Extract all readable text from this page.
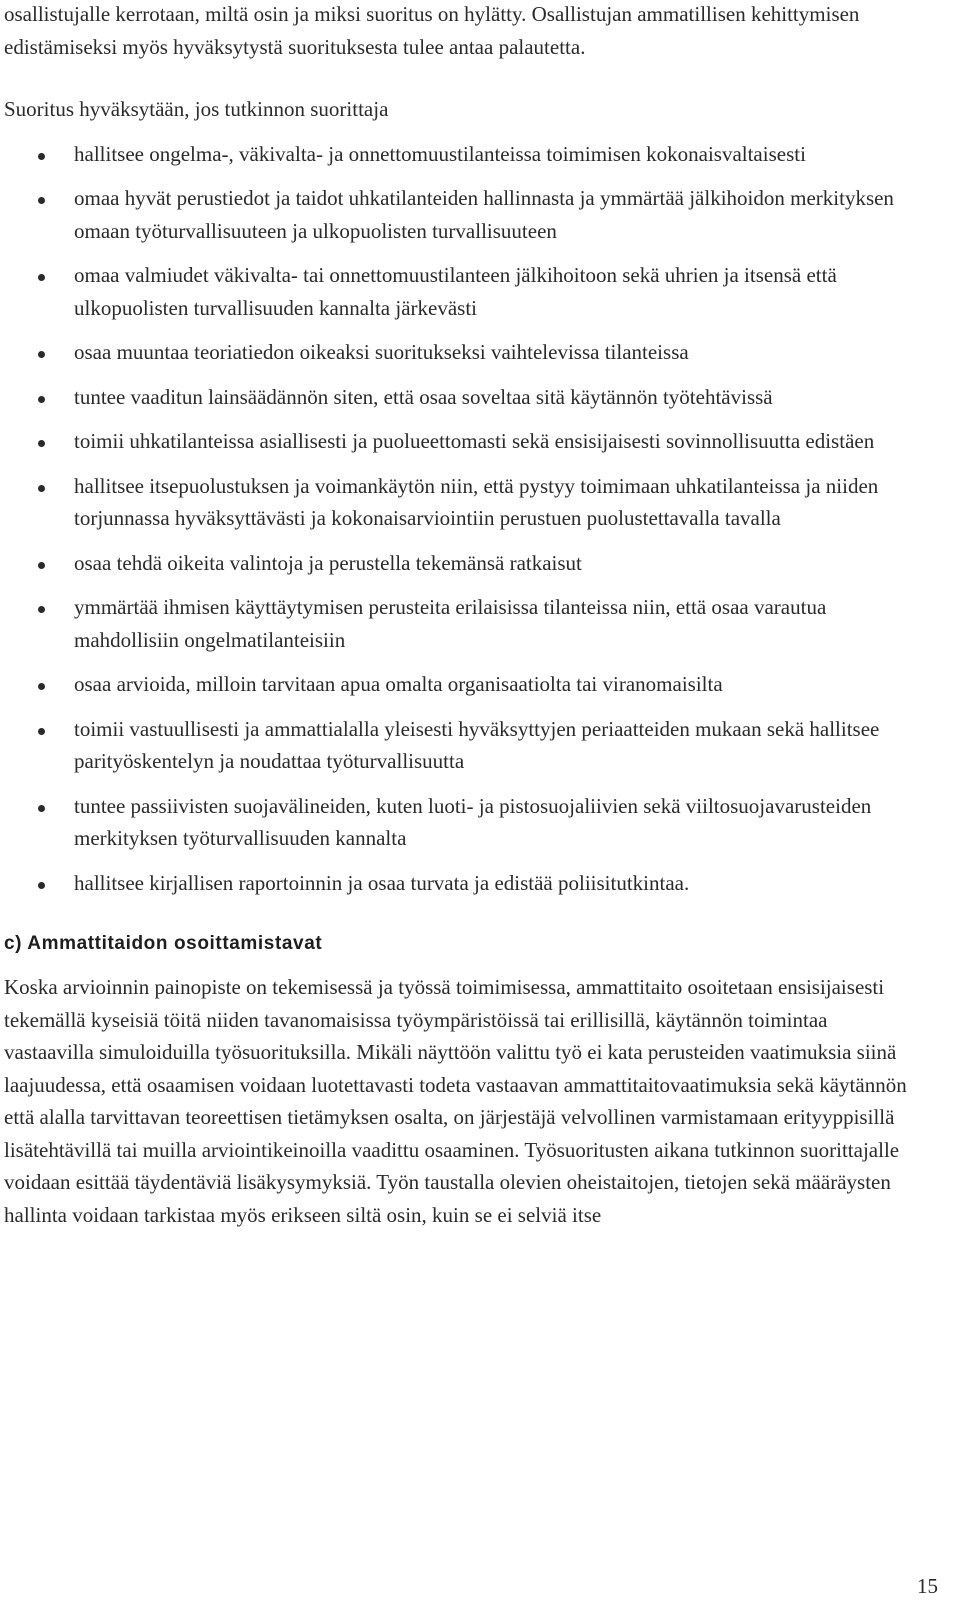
osallistujalle kerrotaan, miltä osin ja miksi suoritus on hylätty. Osallistujan ammatillisen kehittymisen edistämiseksi myös hyväksytystä suorituksesta tulee antaa palautetta.

Suoritus hyväksytään, jos tutkinnon suorittaja

hallitsee ongelma-, väkivalta- ja onnettomuustilanteissa toimimisen kokonaisvaltaisesti
omaa hyvät perustiedot ja taidot uhkatilanteiden hallinnasta ja ymmärtää jälkihoidon merkityksen omaan työturvallisuuteen ja ulkopuolisten turvallisuuteen
omaa valmiudet väkivalta- tai onnettomuustilanteen jälkihoitoon sekä uhrien ja itsensä että ulkopuolisten turvallisuuden kannalta järkevästi
osaa muuntaa teoriatiedon oikeaksi suoritukseksi vaihtelevissa tilanteissa
tuntee vaaditun lainsäädännön siten, että osaa soveltaa sitä käytännön työtehtävissä
toimii uhkatilanteissa asiallisesti ja puolueettomasti sekä ensisijaisesti sovinnollisuutta edistäen
hallitsee itsepuolustuksen ja voimankäytön niin, että pystyy toimimaan uhkatilanteissa ja niiden torjunnassa hyväksyttävästi ja kokonaisarviointiin perustuen puolustettavalla tavalla
osaa tehdä oikeita valintoja ja perustella tekemänsä ratkaisut
ymmärtää ihmisen käyttäytymisen perusteita erilaisissa tilanteissa niin, että osaa varautua mahdollisiin ongelmatilanteisiin
osaa arvioida, milloin tarvitaan apua omalta organisaatiolta tai viranomaisilta
toimii vastuullisesti ja ammattialalla yleisesti hyväksyttyjen periaatteiden mukaan sekä hallitsee parityöskentelyn ja noudattaa työturvallisuutta
tuntee passiivisten suojavälineiden, kuten luoti- ja pistosuojaliivien sekä viiltosuojavarusteiden merkityksen työturvallisuuden kannalta
hallitsee kirjallisen raportoinnin ja osaa turvata ja edistää poliisitutkintaa.
c) Ammattitaidon osoittamistavat

Koska arvioinnin painopiste on tekemisessä ja työssä toimimisessa, ammattitaito osoitetaan ensisijaisesti tekemällä kyseisiä töitä niiden tavanomaisissa työympäristöissä tai erillisillä, käytännön toimintaa vastaavilla simuloiduilla työsuorituksilla. Mikäli näyttöön valittu työ ei kata perusteiden vaatimuksia siinä laajuudessa, että osaamisen voidaan luotettavasti todeta vastaavan ammattitaitovaatimuksia sekä käytännön että alalla tarvittavan teoreettisen tietämyksen osalta, on järjestäjä velvollinen varmistamaan erityyppisillä lisätehtävillä tai muilla arviointikeinoilla vaadittu osaaminen. Työsuoritusten aikana tutkinnon suorittajalle voidaan esittää täydentäviä lisäkysymyksiä. Työn taustalla olevien oheistaitojen, tietojen sekä määräysten hallinta voidaan tarkistaa myös erikseen siltä osin, kuin se ei selviä itse

15
